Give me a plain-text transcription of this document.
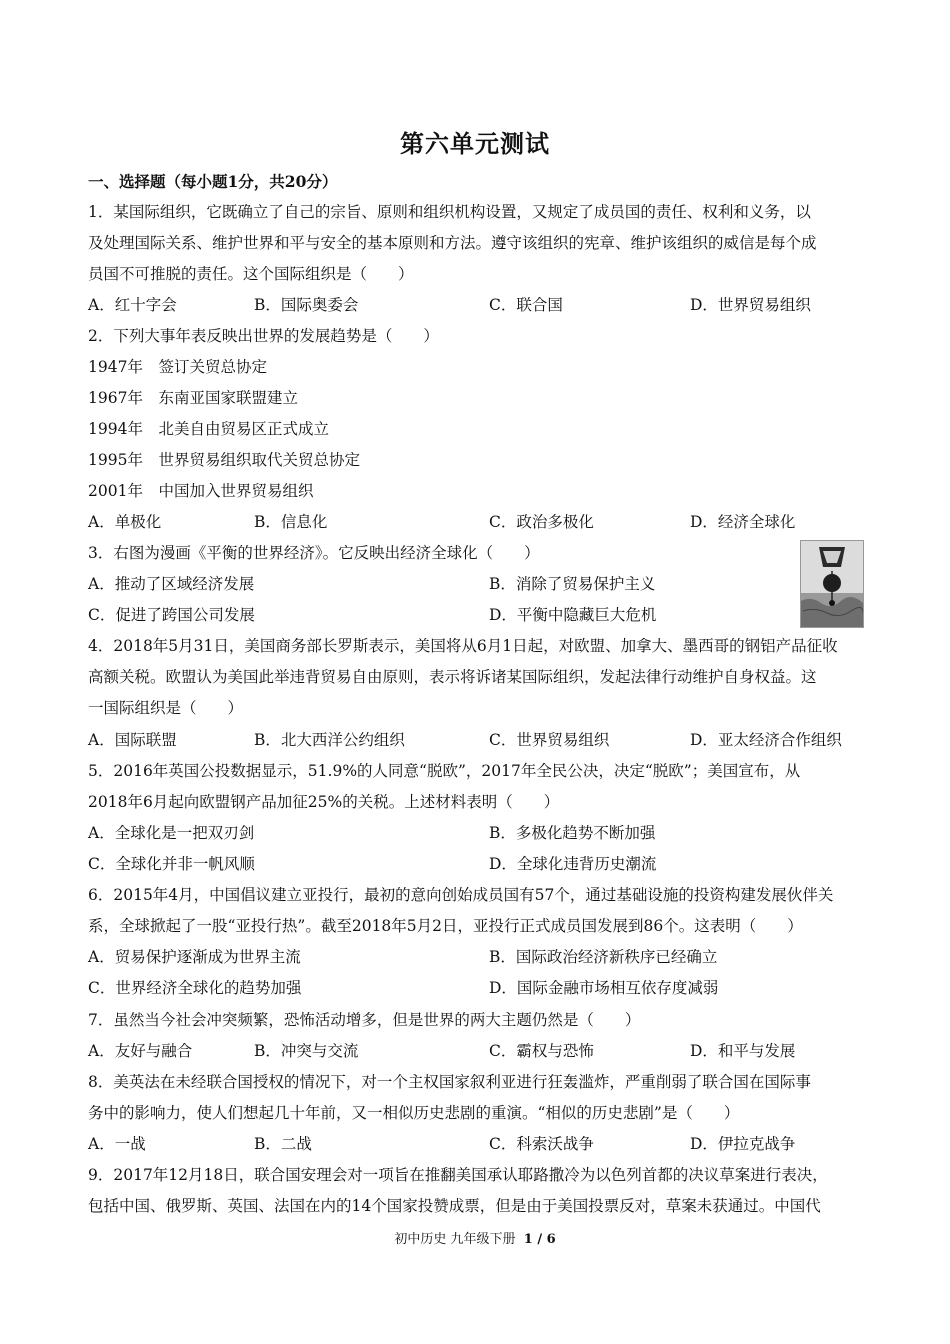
第六单元测试
一、选择题（每小题1分，共20分）
1．某国际组织，它既确立了自己的宗旨、原则和组织机构设置，又规定了成员国的责任、权利和义务，以
及处理国际关系、维护世界和平与安全的基本原则和方法。遵守该组织的宪章、维护该组织的威信是每个成
员国不可推脱的责任。这个国际组织是（　　）
A．红十字会	B．国际奥委会	C．联合国	D．世界贸易组织
2．下列大事年表反映出世界的发展趋势是（　　）
1947年　签订关贸总协定
1967年　东南亚国家联盟建立
1994年　北美自由贸易区正式成立
1995年　世界贸易组织取代关贸总协定
2001年　中国加入世界贸易组织
A．单极化	B．信息化	C．政治多极化	D．经济全球化
3．右图为漫画《平衡的世界经济》。它反映出经济全球化（　　）
A．推动了区域经济发展	B．消除了贸易保护主义
C．促进了跨国公司发展	D．平衡中隐藏巨大危机
4．2018年5月31日，美国商务部长罗斯表示，美国将从6月1日起，对欧盟、加拿大、墨西哥的钢铝产品征收
高额关税。欧盟认为美国此举违背贸易自由原则，表示将诉诸某国际组织，发起法律行动维护自身权益。这
一国际组织是（　　）
A．国际联盟	B．北大西洋公约组织	C．世界贸易组织	D．亚太经济合作组织
5．2016年英国公投数据显示，51.9%的人同意“脱欧”，2017年全民公决，决定“脱欧”；美国宣布，从
2018年6月起向欧盟钢产品加征25%的关税。上述材料表明（　　）
A．全球化是一把双刃剑	B．多极化趋势不断加强
C．全球化并非一帆风顺	D．全球化违背历史潮流
6．2015年4月，中国倡议建立亚投行，最初的意向创始成员国有57个，通过基础设施的投资构建发展伙伴关
系，全球掀起了一股“亚投行热”。截至2018年5月2日，亚投行正式成员国发展到86个。这表明（　　）
A．贸易保护逐渐成为世界主流	B．国际政治经济新秩序已经确立
C．世界经济全球化的趋势加强	D．国际金融市场相互依存度减弱
7．虽然当今社会冲突频繁，恐怖活动增多，但是世界的两大主题仍然是（　　）
A．友好与融合	B．冲突与交流	C．霸权与恐怖	D．和平与发展
8．美英法在未经联合国授权的情况下，对一个主权国家叙利亚进行狂轰滥炸，严重削弱了联合国在国际事
务中的影响力，使人们想起几十年前，又一相似历史悲剧的重演。“相似的历史悲剧”是（　　）
A．一战	B．二战	C．科索沃战争	D．伊拉克战争
9．2017年12月18日，联合国安理会对一项旨在推翻美国承认耶路撒冷为以色列首都的决议草案进行表决，
包括中国、俄罗斯、英国、法国在内的14个国家投赞成票，但是由于美国投票反对，草案未获通过。中国代
初中历史 九年级下册 1 / 6
